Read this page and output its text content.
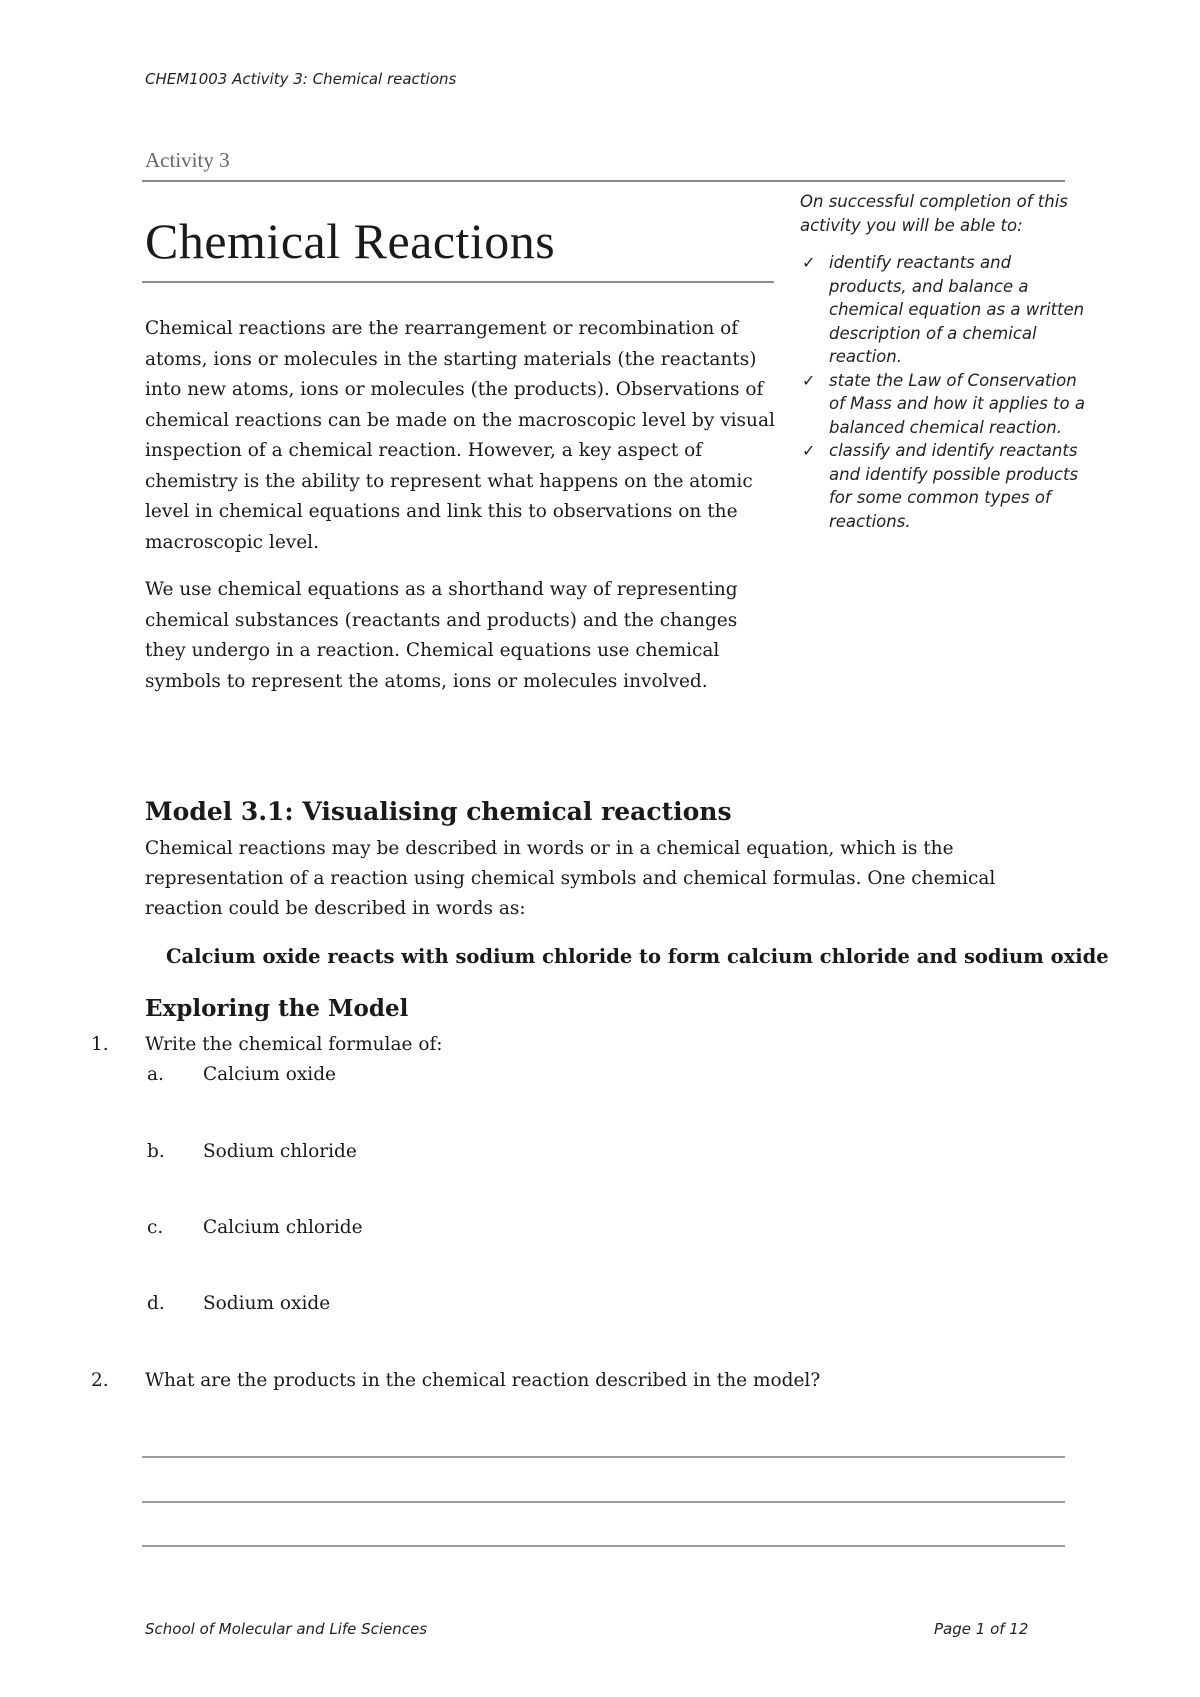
CHEM1003 Activity 3: Chemical reactions
Activity 3
Chemical Reactions

Chemical reactions are the rearrangement or recombination of atoms, ions or molecules in the starting materials (the reactants) into new atoms, ions or molecules (the products). Observations of chemical reactions can be made on the macroscopic level by visual inspection of a chemical reaction. However, a key aspect of chemistry is the ability to represent what happens on the atomic level in chemical equations and link this to observations on the macroscopic level.

We use chemical equations as a shorthand way of representing chemical substances (reactants and products) and the changes they undergo in a reaction. Chemical equations use chemical symbols to represent the atoms, ions or molecules involved.

On successful completion of this activity you will be able to:

✓ identify reactants and products, and balance a chemical equation as a written description of a chemical reaction.
✓ state the Law of Conservation of Mass and how it applies to a balanced chemical reaction.
✓ classify and identify reactants and identify possible products for some common types of reactions.
Model 3.1: Visualising chemical reactions

Chemical reactions may be described in words or in a chemical equation, which is the representation of a reaction using chemical symbols and chemical formulas. One chemical reaction could be described in words as:

Calcium oxide reacts with sodium chloride to form calcium chloride and sodium oxide
Exploring the Model
1. Write the chemical formulae of:
a. Calcium oxide
b. Sodium chloride
c. Calcium chloride
d. Sodium oxide
2. What are the products in the chemical reaction described in the model?
School of Molecular and Life Sciences	Page 1 of 12
